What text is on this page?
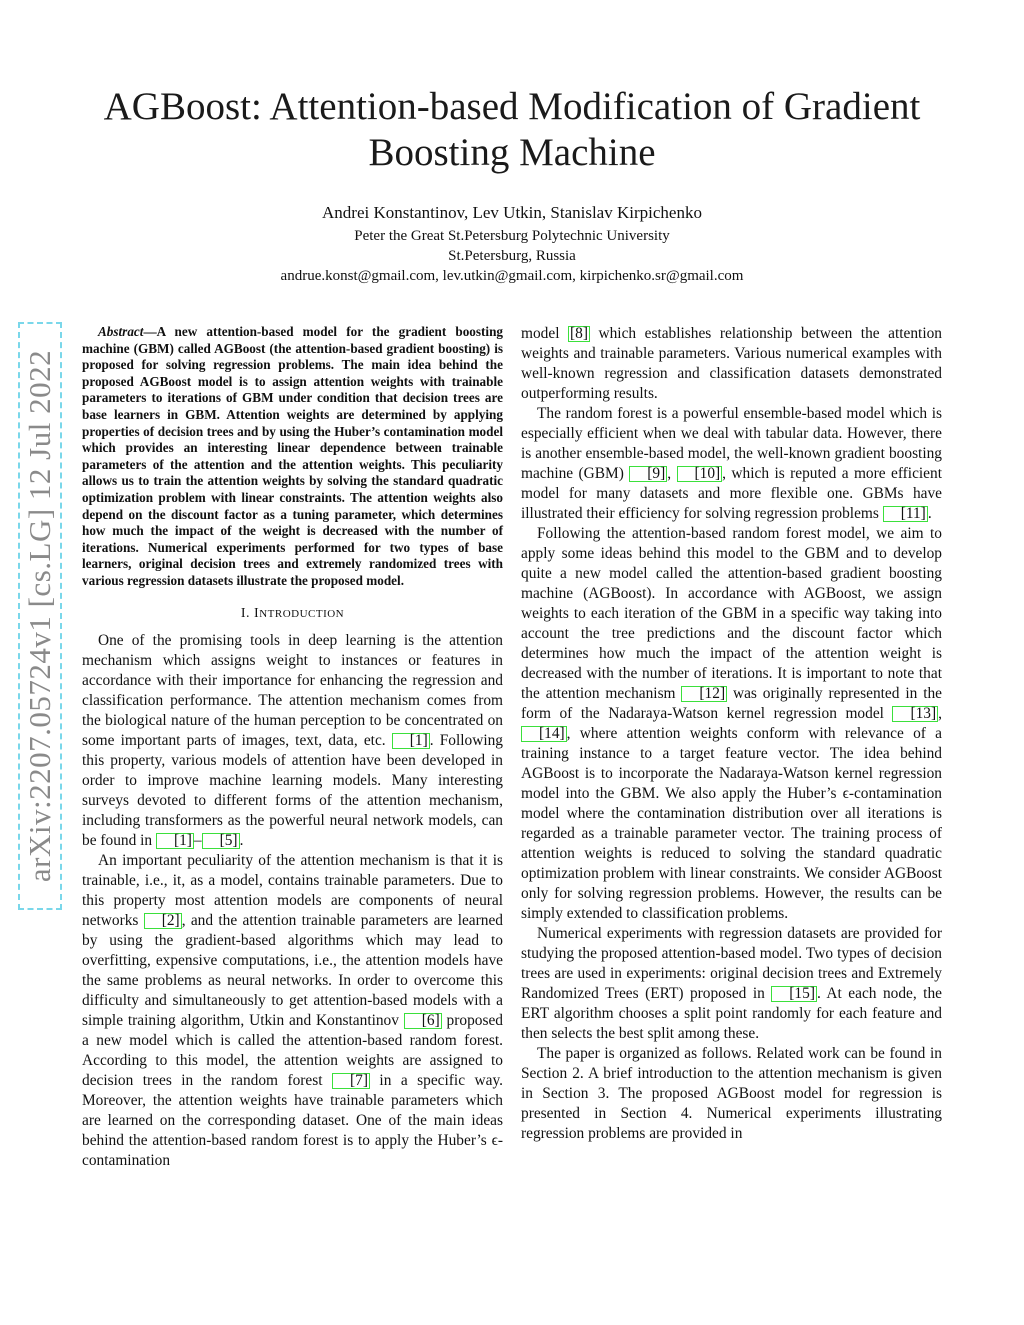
arXiv:2207.05724v1 [cs.LG] 12 Jul 2022
AGBoost: Attention-based Modification of Gradient
Boosting Machine
Andrei Konstantinov, Lev Utkin, Stanislav Kirpichenko
Peter the Great St.Petersburg Polytechnic University
St.Petersburg, Russia
andrue.konst@gmail.com, lev.utkin@gmail.com, kirpichenko.sr@gmail.com

Abstract—A new attention-based model for the gradient boosting machine (GBM) called AGBoost (the attention-based gradient boosting) is proposed for solving regression problems. The main idea behind the proposed AGBoost model is to assign attention weights with trainable parameters to iterations of GBM under condition that decision trees are base learners in GBM. Attention weights are determined by applying properties of decision trees and by using the Huber’s contamination model which provides an interesting linear dependence between trainable parameters of the attention and the attention weights. This peculiarity allows us to train the attention weights by solving the standard quadratic optimization problem with linear constraints. The attention weights also depend on the discount factor as a tuning parameter, which determines how much the impact of the weight is decreased with the number of iterations. Numerical experiments performed for two types of base learners, original decision trees and extremely randomized trees with various regression datasets illustrate the proposed model.

I. INTRODUCTION

One of the promising tools in deep learning is the attention mechanism which assigns weight to instances or features in accordance with their importance for enhancing the regression and classification performance. The attention mechanism comes from the biological nature of the human perception to be concentrated on some important parts of images, text, data, etc. [1] . Following this property, various models of attention have been developed in order to improve machine learning models. Many interesting surveys devoted to different forms of the attention mechanism, including transformers as the powerful neural network models, can be found in [1] – [5] .

An important peculiarity of the attention mechanism is that it is trainable, i.e., it, as a model, contains trainable parameters. Due to this property most attention models are components of neural networks [2] , and the attention trainable parameters are learned by using the gradient-based algorithms which may lead to overfitting, expensive computations, i.e., the attention models have the same problems as neural networks. In order to overcome this difficulty and simultaneously to get attention-based models with a simple training algorithm, Utkin and Konstantinov [6] proposed a new model which is called the attention-based random forest. According to this model, the attention weights are assigned to decision trees in the random forest [7] in a specific way. Moreover, the attention weights have trainable parameters which are learned on the corresponding dataset. One of the main ideas behind the attention-based random forest is to apply the Huber’s ϵ-contamination

model [8] which establishes relationship between the attention weights and trainable parameters. Various numerical examples with well-known regression and classification datasets demonstrated outperforming results.

The random forest is a powerful ensemble-based model which is especially efficient when we deal with tabular data. However, there is another ensemble-based model, the well-known gradient boosting machine (GBM) [9] , [10] , which is reputed a more efficient model for many datasets and more flexible one. GBMs have illustrated their efficiency for solving regression problems [11] .

Following the attention-based random forest model, we aim to apply some ideas behind this model to the GBM and to develop quite a new model called the attention-based gradient boosting machine (AGBoost). In accordance with AGBoost, we assign weights to each iteration of the GBM in a specific way taking into account the tree predictions and the discount factor which determines how much the impact of the attention weight is decreased with the number of iterations. It is important to note that the attention mechanism [12] was originally represented in the form of the Nadaraya-Watson kernel regression model [13] , [14] , where attention weights conform with relevance of a training instance to a target feature vector. The idea behind AGBoost is to incorporate the Nadaraya-Watson kernel regression model into the GBM. We also apply the Huber’s ϵ-contamination model where the contamination distribution over all iterations is regarded as a trainable parameter vector. The training process of attention weights is reduced to solving the standard quadratic optimization problem with linear constraints. We consider AGBoost only for solving regression problems. However, the results can be simply extended to classification problems.

Numerical experiments with regression datasets are provided for studying the proposed attention-based model. Two types of decision trees are used in experiments: original decision trees and Extremely Randomized Trees (ERT) proposed in [15] . At each node, the ERT algorithm chooses a split point randomly for each feature and then selects the best split among these.

The paper is organized as follows. Related work can be found in Section 2. A brief introduction to the attention mechanism is given in Section 3. The proposed AGBoost model for regression is presented in Section 4. Numerical experiments illustrating regression problems are provided in
